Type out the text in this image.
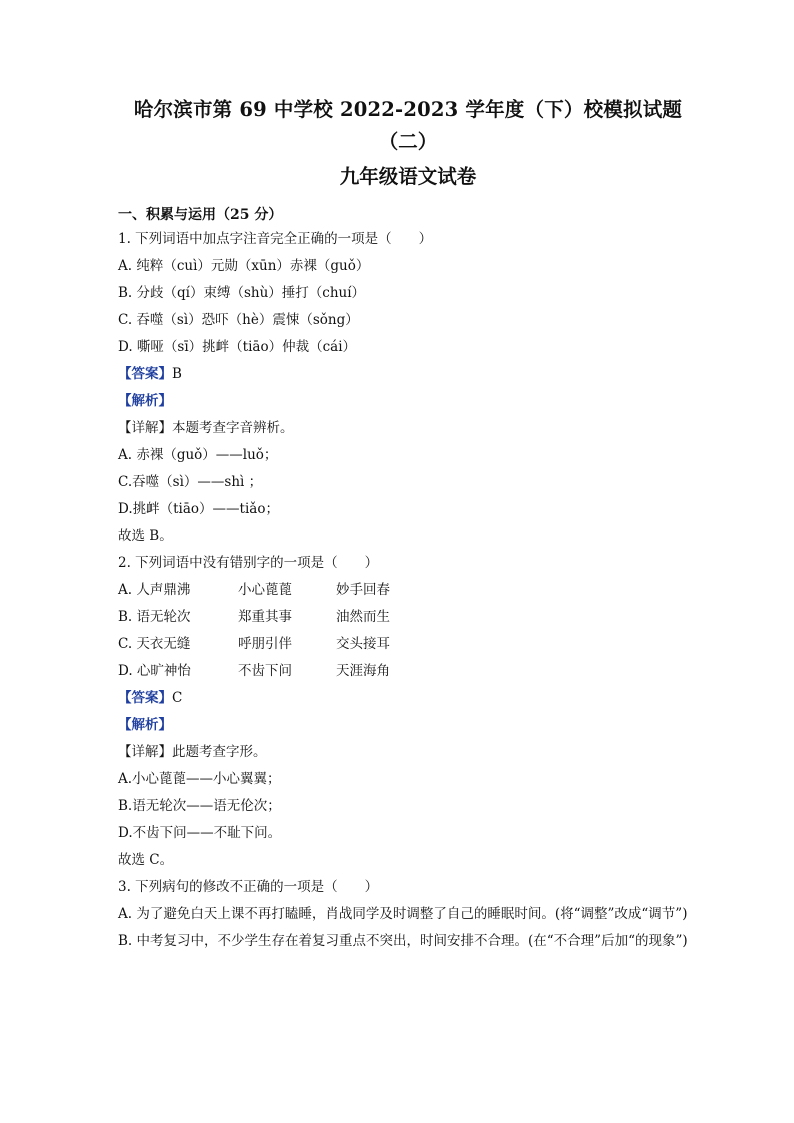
哈尔滨市第 69 中学校 2022-2023 学年度（下）校模拟试题
（二）
九年级语文试卷
一、积累与运用（25 分）
1. 下列词语中加点字注音完全正确的一项是（　　）
A. 纯粹（cuì）元勋（xūn）赤裸（guǒ）
B. 分歧（qí）束缚（shù）捶打（chuí）
C. 吞噬（sì）恐吓（hè）震悚（sǒng）
D. 嘶哑（sī）挑衅（tiāo）仲裁（cái）
【答案】B
【解析】
【详解】本题考查字音辨析。
A. 赤裸（guǒ）——luǒ；
C.吞噬（sì）——shì ；
D.挑衅（tiāo）——tiǎo；
故选 B。
2. 下列词语中没有错别字的一项是（　　）
A. 人声鼎沸	小心蓖蓖	妙手回春
B. 语无轮次	郑重其事	油然而生
C. 天衣无缝	呼朋引伴	交头接耳
D. 心旷神怡	不齿下问	天涯海角
【答案】C
【解析】
【详解】此题考查字形。
A.小心蓖蓖——小心翼翼；
B.语无轮次——语无伦次；
D.不齿下问——不耻下问。
故选 C。
3. 下列病句的修改不正确的一项是（　　）
A. 为了避免白天上课不再打瞌睡，肖战同学及时调整了自己的睡眠时间。(将“调整”改成“调节”)
B. 中考复习中，不少学生存在着复习重点不突出，时间安排不合理。(在“不合理”后加“的现象”)
